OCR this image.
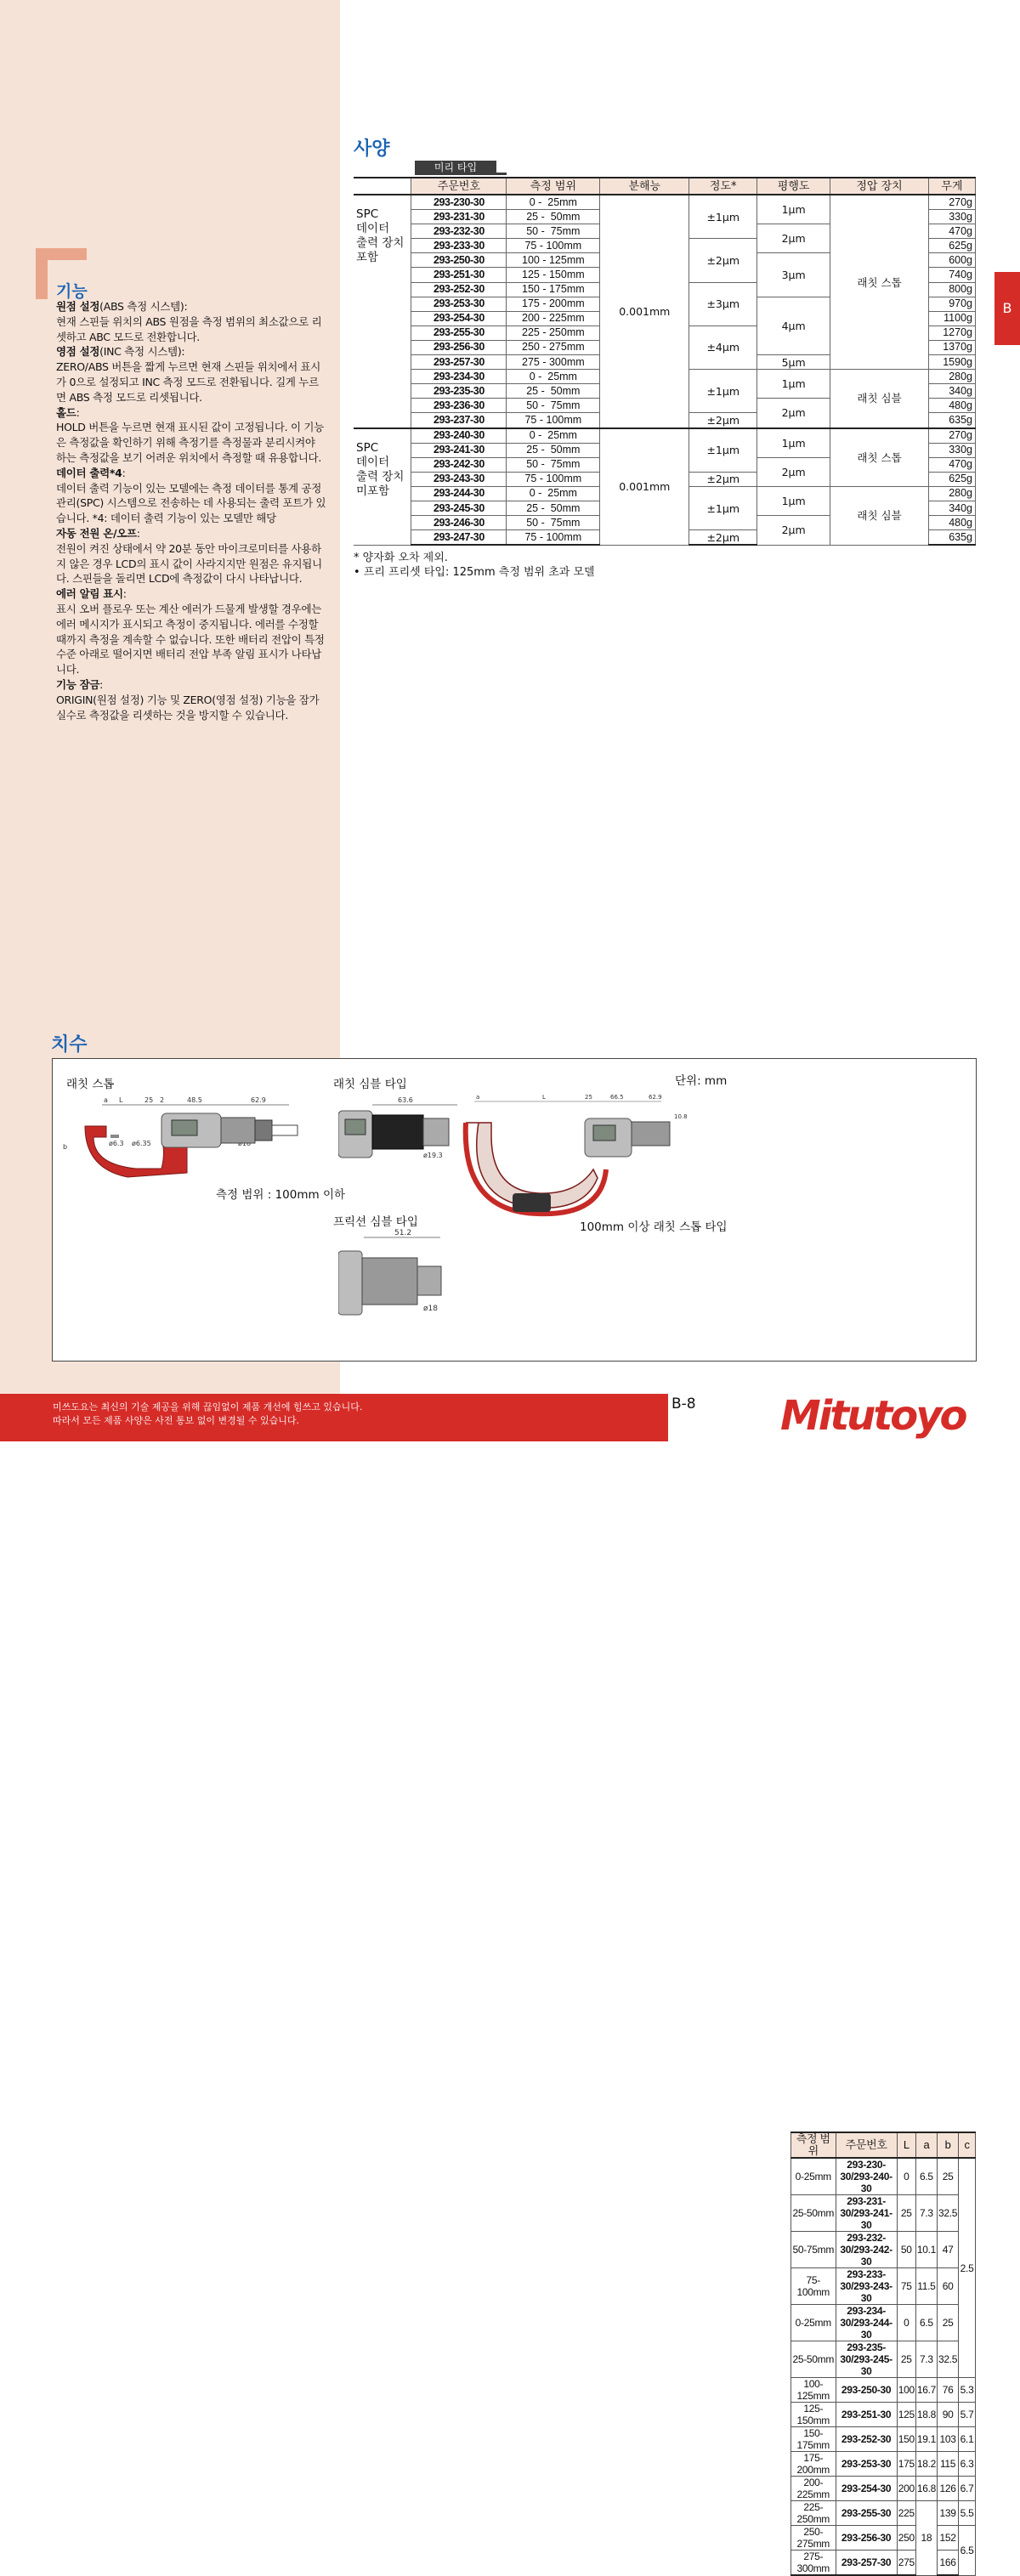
기능
원점 설정(ABS 측정 시스템):

현재 스핀들 위치의 ABS 원점을 측정 범위의 최소값으로 리셋하고 ABC 모드로 전환합니다.

영점 설정(INC 측정 시스템):

ZERO/ABS 버튼을 짧게 누르면 현재 스핀들 위치에서 표시가 0으로 설정되고 INC 측정 모드로 전환됩니다. 길게 누르면 ABS 측정 모드로 리셋됩니다.

홀드:

HOLD 버튼을 누르면 현재 표시된 값이 고정됩니다. 이 기능은 측정값을 확인하기 위해 측정기를 측정물과 분리시켜야 하는 측정값을 보기 어려운 위치에서 측정할 때 유용합니다.

데이터 출력*4:

데이터 출력 기능이 있는 모델에는 측정 데이터를 통계 공정 관리(SPC) 시스템으로 전송하는 데 사용되는 출력 포트가 있습니다. *4: 데이터 출력 기능이 있는 모델만 해당

자동 전원 온/오프:

전원이 켜진 상태에서 약 20분 동안 마이크로미터를 사용하지 않은 경우 LCD의 표시 값이 사라지지만 원점은 유지됩니다. 스핀들을 돌리면 LCD에 측정값이 다시 나타납니다.

에러 알림 표시:

표시 오버 플로우 또는 계산 에러가 드물게 발생할 경우에는 에러 메시지가 표시되고 측정이 중지됩니다. 에러를 수정할 때까지 측정을 계속할 수 없습니다. 또한 배터리 전압이 특정 수준 아래로 떨어지면 배터리 전압 부족 알림 표시가 나타납니다.

기능 잠금:

ORIGIN(원점 설정) 기능 및 ZERO(영점 설정) 기능을 잠가 실수로 측정값을 리셋하는 것을 방지할 수 있습니다.

사양
미리 타입
	주문번호	측정 범위	분해능	정도*	평행도	정압 장치	무게
SPC
데이터
출력 장치
포함	293-230-30	0 -  25mm	0.001mm	±1μm	1μm	래칫 스톱	270g
	293-231-30	25 -  50mm					330g
	293-232-30	50 -  75mm			2μm		470g
	293-233-30	75 - 100mm		±2μm			625g
	293-250-30	100 - 125mm			3μm		600g
	293-251-30	125 - 150mm					740g
	293-252-30	150 - 175mm		±3μm			800g
	293-253-30	175 - 200mm			4μm		970g
	293-254-30	200 - 225mm					1100g
	293-255-30	225 - 250mm		±4μm			1270g
	293-256-30	250 - 275mm					1370g
	293-257-30	275 - 300mm			5μm		1590g
	293-234-30	0 -  25mm		±1μm	1μm	래칫 심블	280g
	293-235-30	25 -  50mm					340g
	293-236-30	50 -  75mm			2μm		480g
	293-237-30	75 - 100mm		±2μm			635g
SPC
데이터
출력 장치
미포함	293-240-30	0 -  25mm	0.001mm	±1μm	1μm	래칫 스톱	270g
	293-241-30	25 -  50mm					330g
	293-242-30	50 -  75mm			2μm		470g
	293-243-30	75 - 100mm		±2μm			625g
	293-244-30	0 -  25mm		±1μm	1μm	래칫 심블	280g
	293-245-30	25 -  50mm					340g
	293-246-30	50 -  75mm			2μm		480g
	293-247-30	75 - 100mm		±2μm			635g
* 양자화 오차 제외.
• 프리 프리셋 타입: 125mm 측정 범위 초과 모델
B
치수
래칫 스톱	래칫 심블 타입	단위: mm
측정 범위 : 100mm 이하
프릭션 심블 타입	100mm 이상 래칫 스톱 타입
a L	25 2	48.5	62.9
b	ø6.3 ø6.35
63.6
ø19.3
51.2
ø18
a	L	25	66.5	62.9
10.8
측정 범위	주문번호	L	a	b	c
0-25mm	293-230-30/293-240-30	0	6.5	25	2.5
25-50mm	293-231-30/293-241-30	25	7.3	32.5	
50-75mm	293-232-30/293-242-30	50	10.1	47	
75-100mm	293-233-30/293-243-30	75	11.5	60	
0-25mm	293-234-30/293-244-30	0	6.5	25	
25-50mm	293-235-30/293-245-30	25	7.3	32.5	
100-125mm	293-250-30	100	16.7	76	5.3
125-150mm	293-251-30	125	18.8	90	5.7
150-175mm	293-252-30	150	19.1	103	6.1
175-200mm	293-253-30	175	18.2	115	6.3
200-225mm	293-254-30	200	16.8	126	6.7
225-250mm	293-255-30	225	18	139	5.5
250-275mm	293-256-30	250		152	6.5
275-300mm	293-257-30	275		166	
미쓰도요는 최신의 기술 제공을 위해 끊임없이 제품 개선에 힘쓰고 있습니다.
따라서 모든 제품 사양은 사전 통보 없이 변경될 수 있습니다.
B-8 Mitutoyo
